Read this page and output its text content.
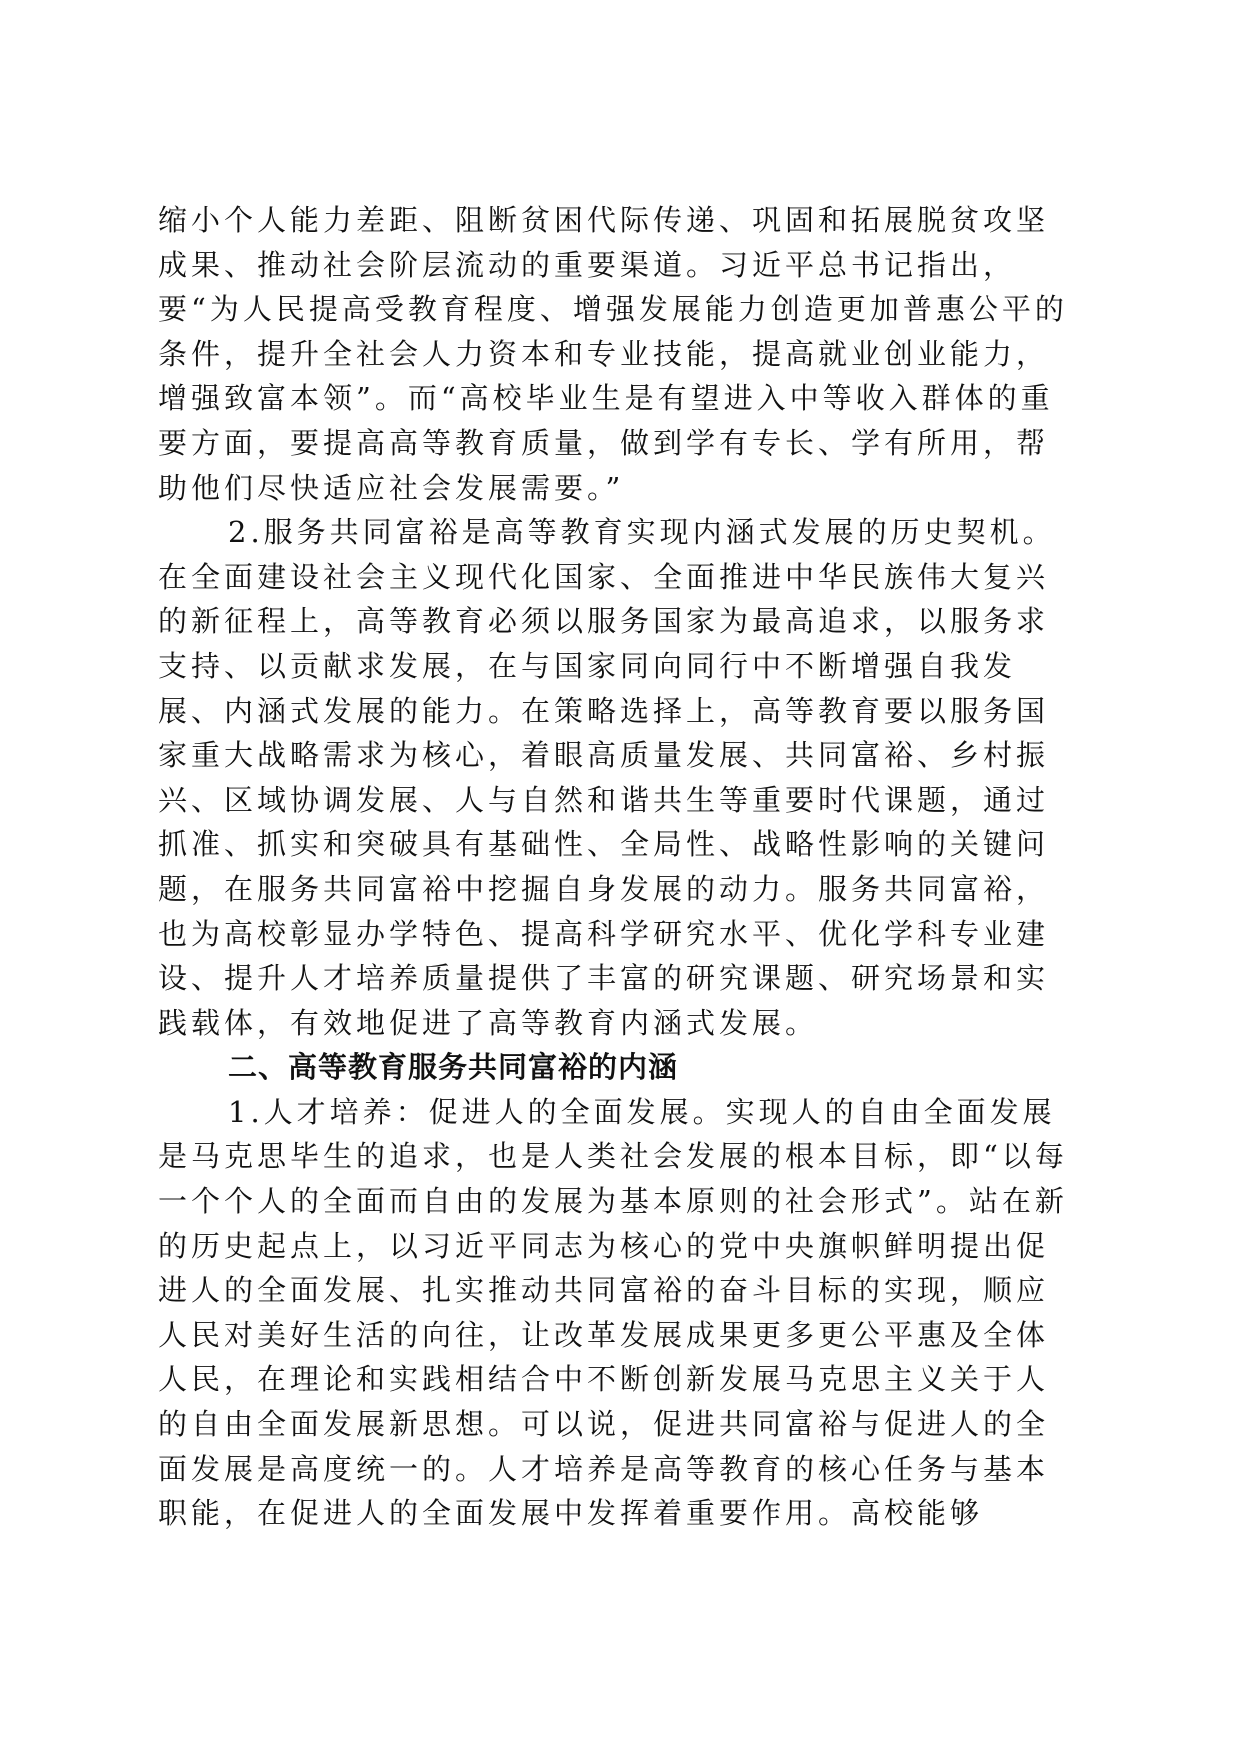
缩小个人能力差距、阻断贫困代际传递、巩固和拓展脱贫攻坚成果、推动社会阶层流动的重要渠道。习近平总书记指出，要“为人民提高受教育程度、增强发展能力创造更加普惠公平的条件，提升全社会人力资本和专业技能，提高就业创业能力，增强致富本领”。而“高校毕业生是有望进入中等收入群体的重要方面，要提高高等教育质量，做到学有专长、学有所用，帮助他们尽快适应社会发展需要。”

2.服务共同富裕是高等教育实现内涵式发展的历史契机。在全面建设社会主义现代化国家、全面推进中华民族伟大复兴的新征程上，高等教育必须以服务国家为最高追求，以服务求支持、以贡献求发展，在与国家同向同行中不断增强自我发展、内涵式发展的能力。在策略选择上，高等教育要以服务国家重大战略需求为核心，着眼高质量发展、共同富裕、乡村振兴、区域协调发展、人与自然和谐共生等重要时代课题，通过抓准、抓实和突破具有基础性、全局性、战略性影响的关键问题，在服务共同富裕中挖掘自身发展的动力。服务共同富裕，也为高校彰显办学特色、提高科学研究水平、优化学科专业建设、提升人才培养质量提供了丰富的研究课题、研究场景和实践载体，有效地促进了高等教育内涵式发展。

二、高等教育服务共同富裕的内涵

1.人才培养：促进人的全面发展。实现人的自由全面发展是马克思毕生的追求，也是人类社会发展的根本目标，即“以每一个个人的全面而自由的发展为基本原则的社会形式”。站在新的历史起点上，以习近平同志为核心的党中央旗帜鲜明提出促进人的全面发展、扎实推动共同富裕的奋斗目标的实现，顺应人民对美好生活的向往，让改革发展成果更多更公平惠及全体人民，在理论和实践相结合中不断创新发展马克思主义关于人的自由全面发展新思想。可以说，促进共同富裕与促进人的全面发展是高度统一的。人才培养是高等教育的核心任务与基本职能，在促进人的全面发展中发挥着重要作用。高校能够
